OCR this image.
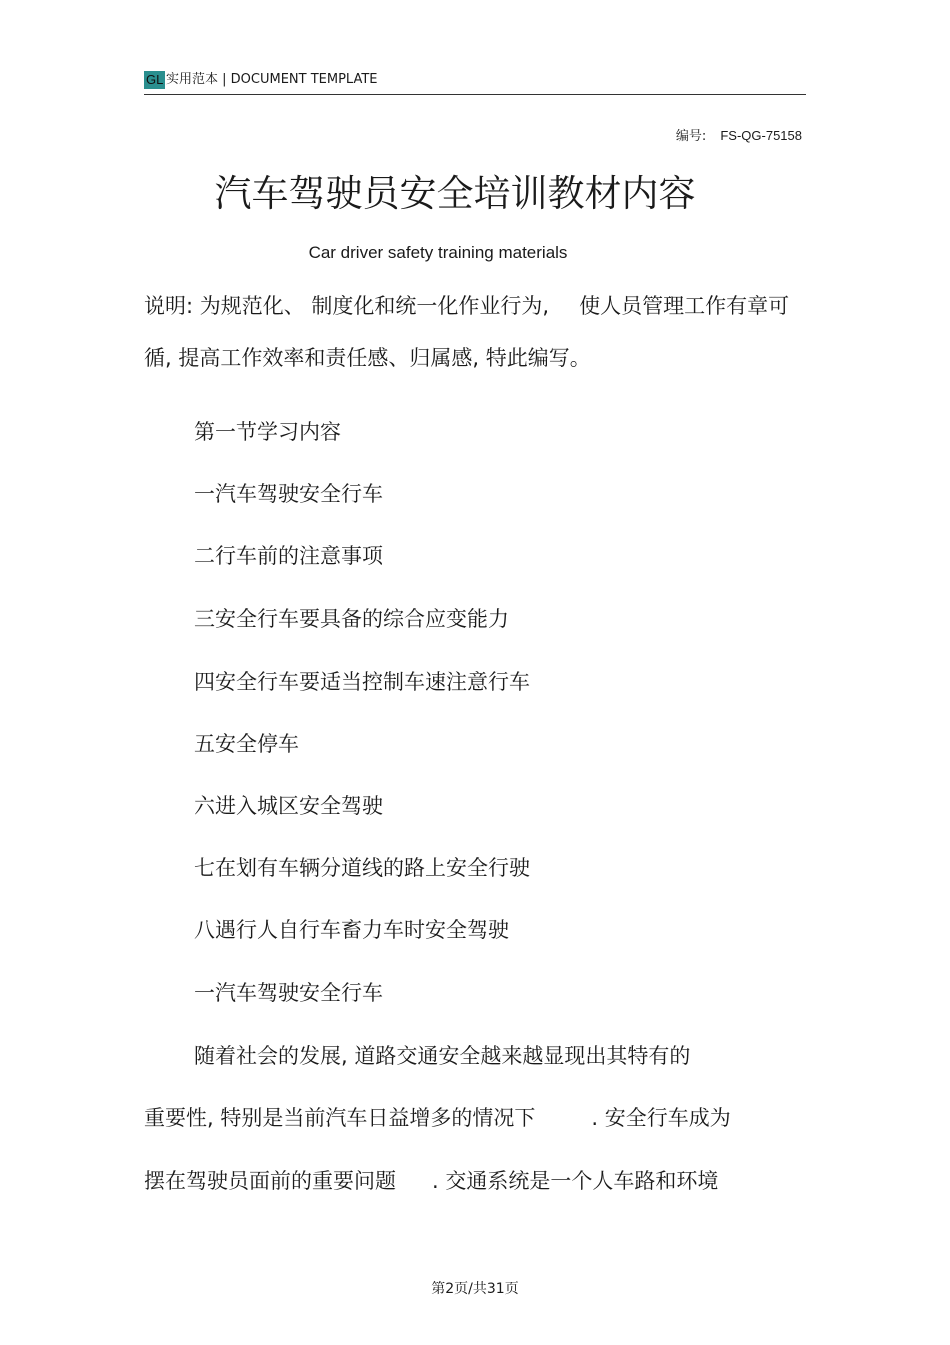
GL 实用范本 | DOCUMENT TEMPLATE
编号: FS-QG-75158
汽车驾驶员安全培训教材内容
Car driver safety training materials
说明: 为规范化、 制度化和统一化作业行为, 使人员管理工作有章可
循, 提高工作效率和责任感、归属感, 特此编写。
第一节学习内容
一汽车驾驶安全行车
二行车前的注意事项
三安全行车要具备的综合应变能力
四安全行车要适当控制车速注意行车
五安全停车
六进入城区安全驾驶
七在划有车辆分道线的路上安全行驶
八遇行人自行车畜力车时安全驾驶
一汽车驾驶安全行车
随着社会的发展, 道路交通安全越来越显现出其特有的
重要性, 特别是当前汽车日益增多的情况下	. 安全行车成为
摆在驾驶员面前的重要问题 . 交通系统是一个人车路和环境
第2页/共31页
